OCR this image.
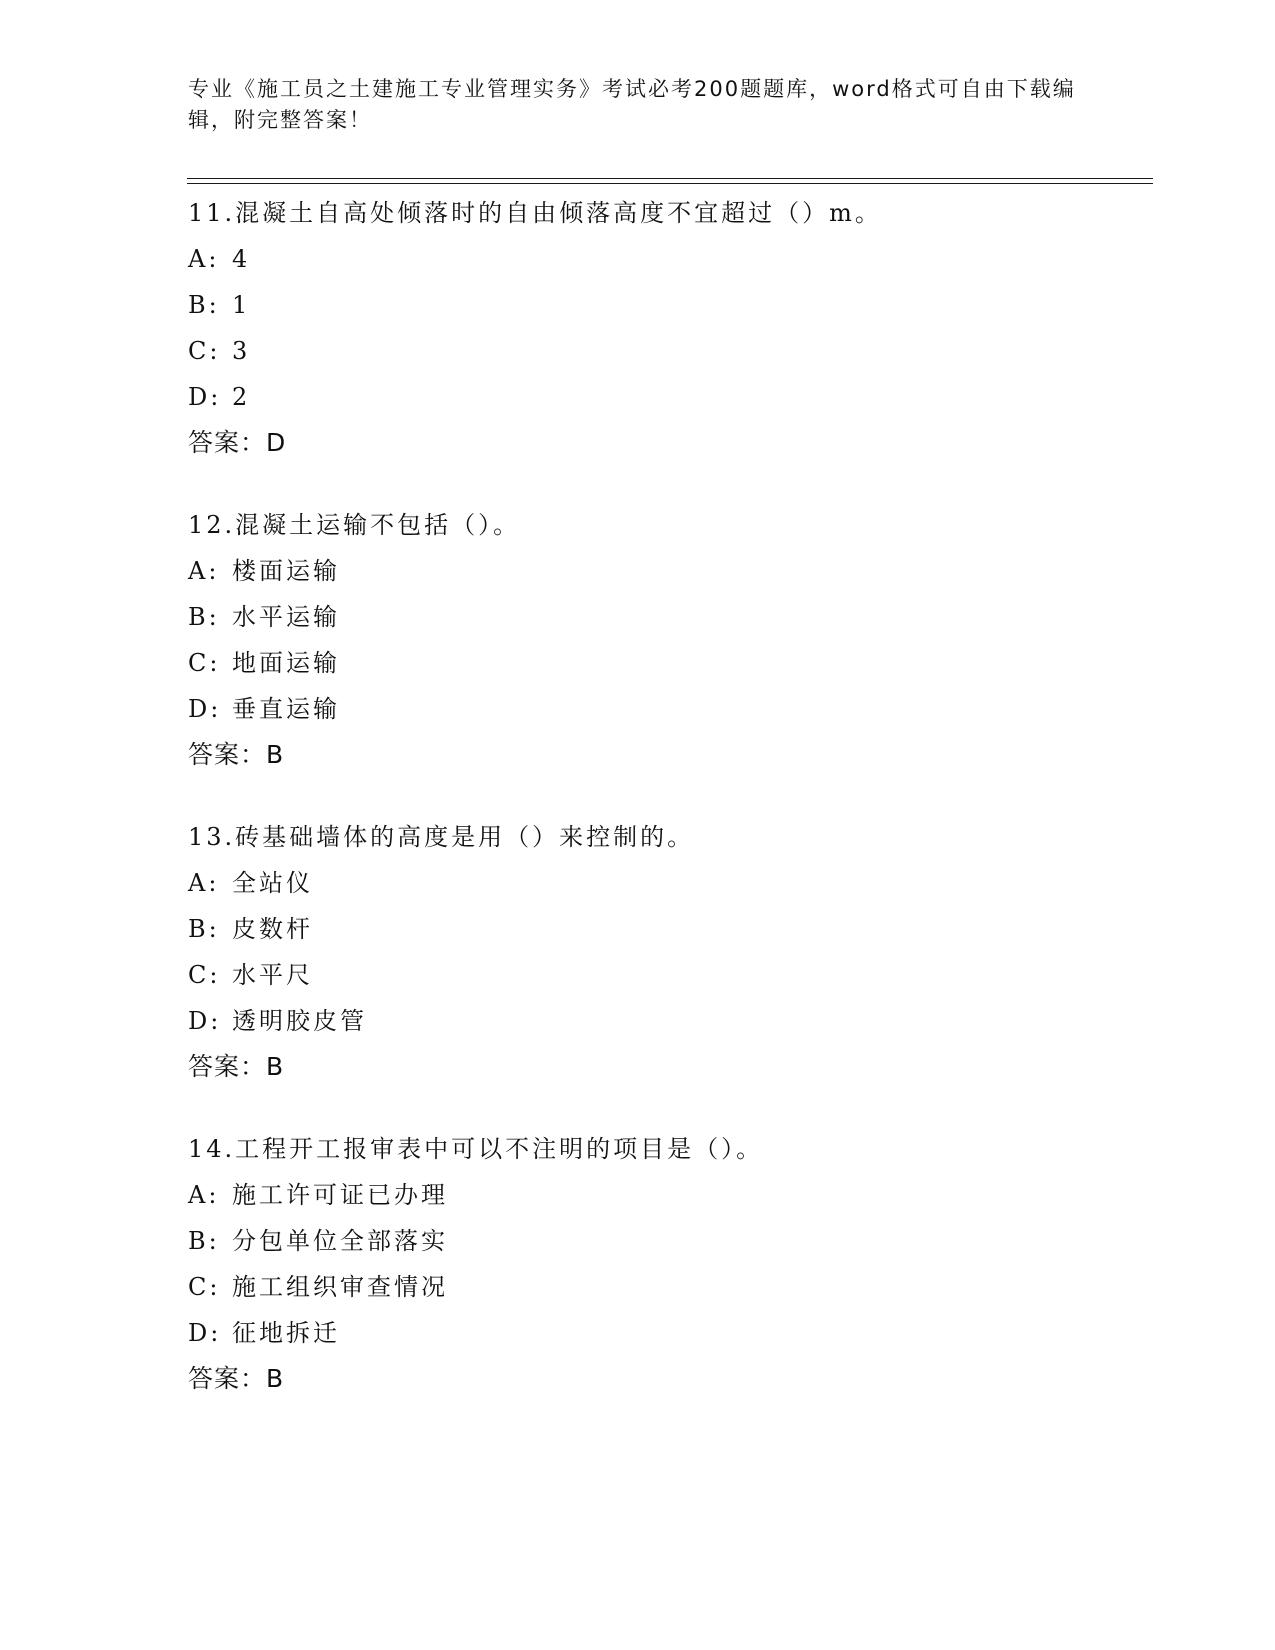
专业《施工员之土建施工专业管理实务》考试必考200题题库，word格式可自由下载编辑，附完整答案！

11.混凝土自高处倾落时的自由倾落高度不宜超过（）m。
A: 4
B: 1
C: 3
D: 2
答案：D
12.混凝土运输不包括（）。
A: 楼面运输
B: 水平运输
C: 地面运输
D: 垂直运输
答案：B
13.砖基础墙体的高度是用（）来控制的。
A: 全站仪
B: 皮数杆
C: 水平尺
D: 透明胶皮管
答案：B
14.工程开工报审表中可以不注明的项目是（）。
A: 施工许可证已办理
B: 分包单位全部落实
C: 施工组织审查情况
D: 征地拆迁
答案：B
